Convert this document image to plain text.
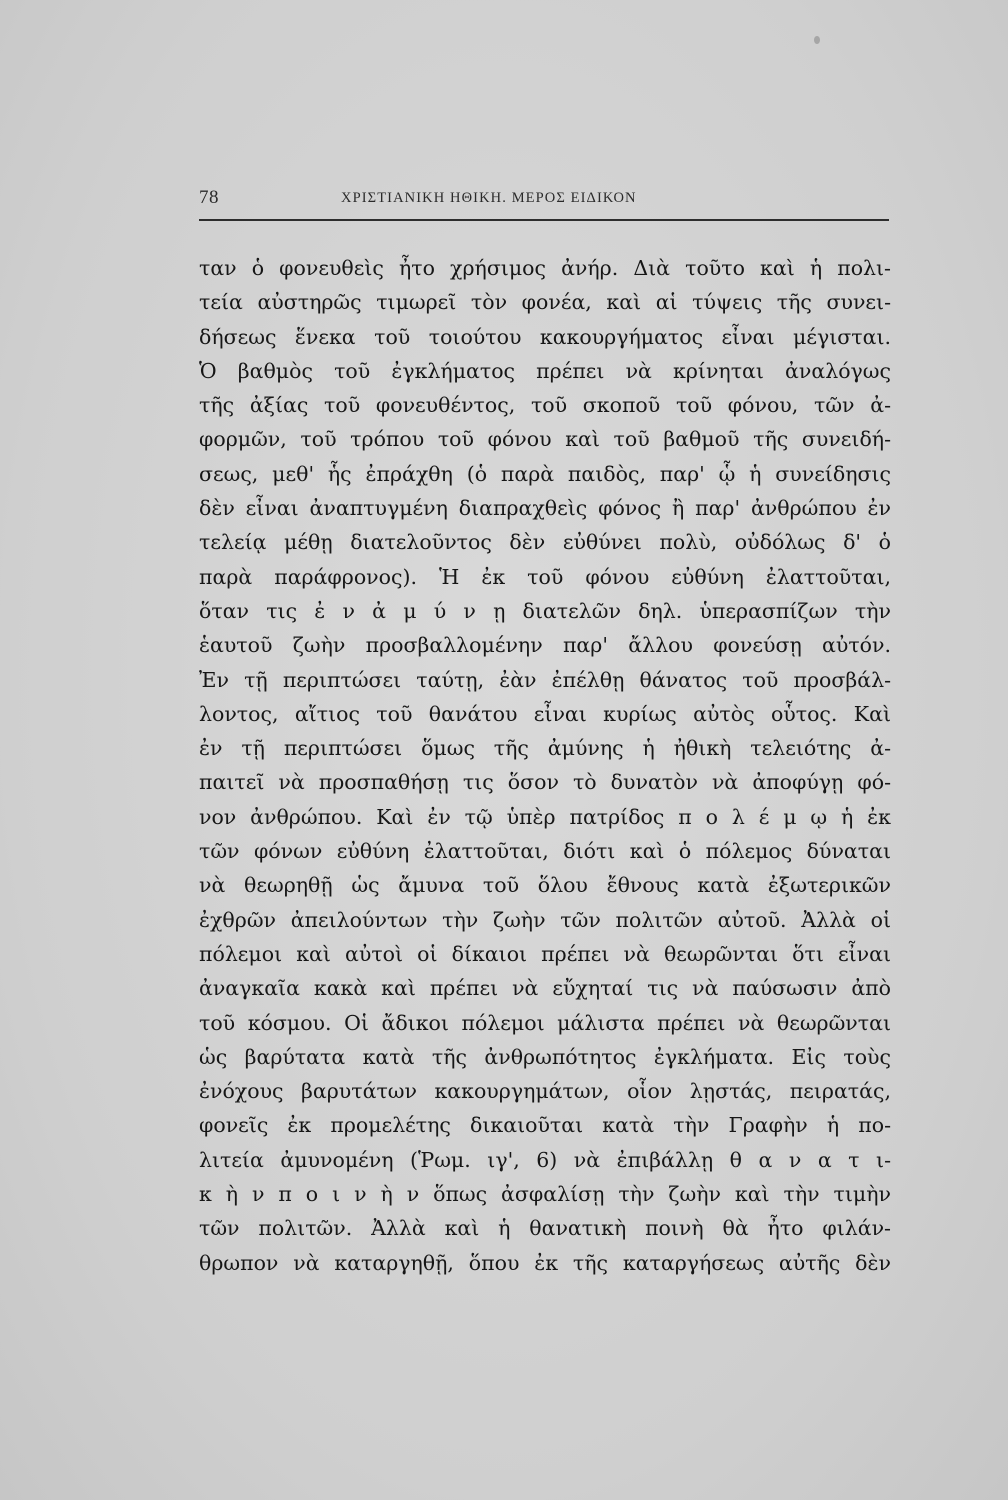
78	ΧΡΙΣΤΙΑΝΙΚΗ ΗΘΙΚΗ. ΜΕΡΟΣ ΕΙΔΙΚΟΝ
ταν ὁ φονευθεὶς ἦτο χρήσιμος ἀνήρ. Διὰ τοῦτο καὶ ἡ πολι-
τεία αὐστηρῶς τιμωρεῖ τὸν φονέα, καὶ αἱ τύψεις τῆς συνει-
δήσεως ἕνεκα τοῦ τοιούτου κακουργήματος εἶναι μέγισται.
Ὁ βαθμὸς τοῦ ἐγκλήματος πρέπει νὰ κρίνηται ἀναλόγως
τῆς ἀξίας τοῦ φονευθέντος, τοῦ σκοποῦ τοῦ φόνου, τῶν ἀ-
φορμῶν, τοῦ τρόπου τοῦ φόνου καὶ τοῦ βαθμοῦ τῆς συνειδή-
σεως, μεθ' ἧς ἐπράχθη (ὁ παρὰ παιδὸς, παρ' ᾧ ἡ συνείδησις
δὲν εἶναι ἀναπτυγμένη διαπραχθεὶς φόνος ἢ παρ' ἀνθρώπου ἐν
τελείᾳ μέθῃ διατελοῦντος δὲν εὐθύνει πολὺ, οὐδόλως δ' ὁ
παρὰ παράφρονος). Ἡ ἐκ τοῦ φόνου εὐθύνη ἐλαττοῦται,
ὅταν τις ἐ ν ἀ μ ύ ν ῃ διατελῶν δηλ. ὑπερασπίζων τὴν
ἑαυτοῦ ζωὴν προσβαλλομένην παρ' ἄλλου φονεύσῃ αὐτόν.
Ἐν τῇ περιπτώσει ταύτῃ, ἐὰν ἐπέλθῃ θάνατος τοῦ προσβάλ-
λοντος, αἴτιος τοῦ θανάτου εἶναι κυρίως αὐτὸς οὗτος. Καὶ
ἐν τῇ περιπτώσει ὅμως τῆς ἀμύνης ἡ ἠθικὴ τελειότης ἀ-
παιτεῖ νὰ προσπαθήσῃ τις ὅσον τὸ δυνατὸν νὰ ἀποφύγῃ φό-
νον ἀνθρώπου. Καὶ ἐν τῷ ὑπὲρ πατρίδος π ο λ έ μ ῳ ἡ ἐκ
τῶν φόνων εὐθύνη ἐλαττοῦται, διότι καὶ ὁ πόλεμος δύναται
νὰ θεωρηθῇ ὡς ἄμυνα τοῦ ὅλου ἔθνους κατὰ ἐξωτερικῶν
ἐχθρῶν ἀπειλούντων τὴν ζωὴν τῶν πολιτῶν αὐτοῦ. Ἀλλὰ οἱ
πόλεμοι καὶ αὐτοὶ οἱ δίκαιοι πρέπει νὰ θεωρῶνται ὅτι εἶναι
ἀναγκαῖα κακὰ καὶ πρέπει νὰ εὔχηταί τις νὰ παύσωσιν ἀπὸ
τοῦ κόσμου. Οἱ ἄδικοι πόλεμοι μάλιστα πρέπει νὰ θεωρῶνται
ὡς βαρύτατα κατὰ τῆς ἀνθρωπότητος ἐγκλήματα. Εἰς τοὺς
ἐνόχους βαρυτάτων κακουργημάτων, οἷον λῃστάς, πειρατάς,
φονεῖς ἐκ προμελέτης δικαιοῦται κατὰ τὴν Γραφὴν ἡ πο-
λιτεία ἀμυνομένη (Ῥωμ. ιγ', 6) νὰ ἐπιβάλλῃ θ α ν α τ ι-
κ ὴ ν π ο ι ν ὴ ν ὅπως ἀσφαλίσῃ τὴν ζωὴν καὶ τὴν τιμὴν
τῶν πολιτῶν. Ἀλλὰ καὶ ἡ θανατικὴ ποινὴ θὰ ἦτο φιλάν-
θρωπον νὰ καταργηθῇ, ὅπου ἐκ τῆς καταργήσεως αὐτῆς δὲν
